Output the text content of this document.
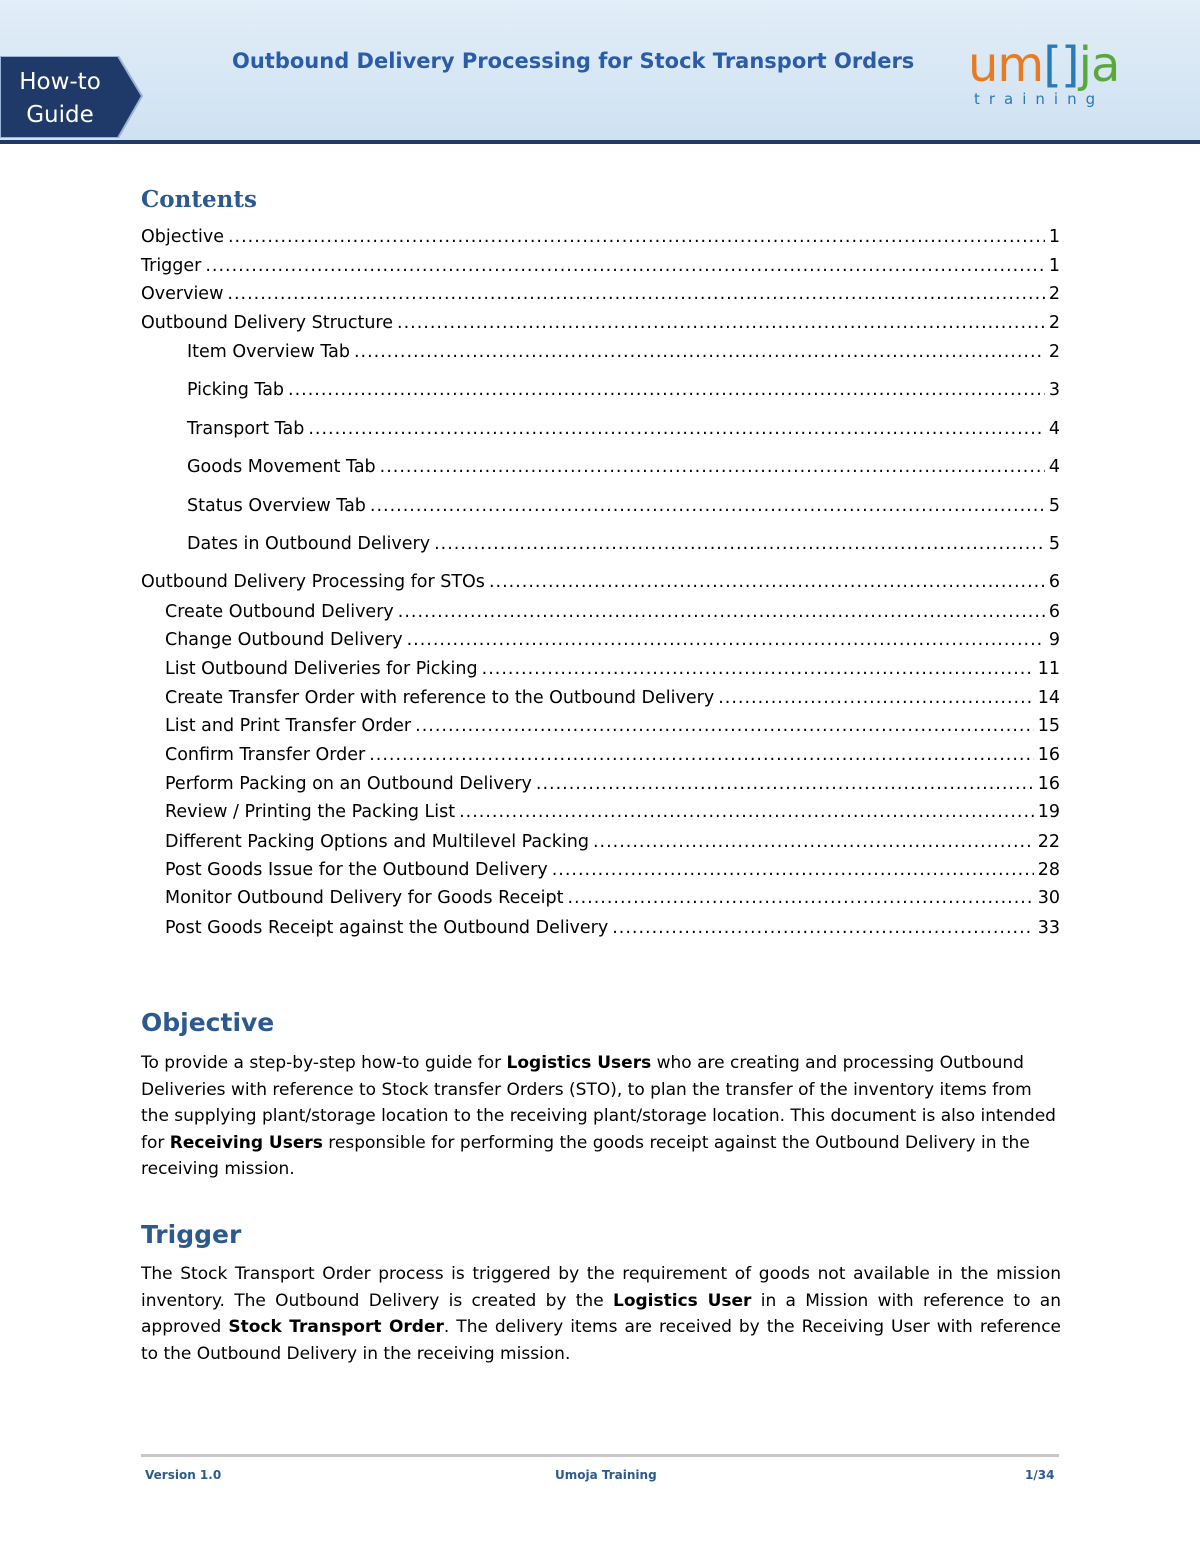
How-to
Guide
Outbound Delivery Processing for Stock Transport Orders um[]ja
training
Contents
Objective .....	1
Trigger .....	1
Overview .....	2
Outbound Delivery Structure .....	2
Item Overview Tab .....	2
Picking Tab .....	3
Transport Tab .....	4
Goods Movement Tab .....	4
Status Overview Tab .....	5
Dates in Outbound Delivery .....	5
Outbound Delivery Processing for STOs .....	6
Create Outbound Delivery .....	6
Change Outbound Delivery .....	9
List Outbound Deliveries for Picking .....	11
Create Transfer Order with reference to the Outbound Delivery .....	14
List and Print Transfer Order .....	15
Confirm Transfer Order .....	16
Perform Packing on an Outbound Delivery .....	16
Review / Printing the Packing List .....	19
Different Packing Options and Multilevel Packing .....	22
Post Goods Issue for the Outbound Delivery .....	28
Monitor Outbound Delivery for Goods Receipt .....	30
Post Goods Receipt against the Outbound Delivery .....	33
Objective
To provide a step-by-step how-to guide for Logistics Users who are creating and processing Outbound Deliveries with reference to Stock transfer Orders (STO), to plan the transfer of the inventory items from the supplying plant/storage location to the receiving plant/storage location. This document is also intended for Receiving Users responsible for performing the goods receipt against the Outbound Delivery in the receiving mission.
Trigger
The Stock Transport Order process is triggered by the requirement of goods not available in the mission inventory. The Outbound Delivery is created by the Logistics User in a Mission with reference to an approved Stock Transport Order. The delivery items are received by the Receiving User with reference to the Outbound Delivery in the receiving mission.
Version 1.0	Umoja Training	1/34
